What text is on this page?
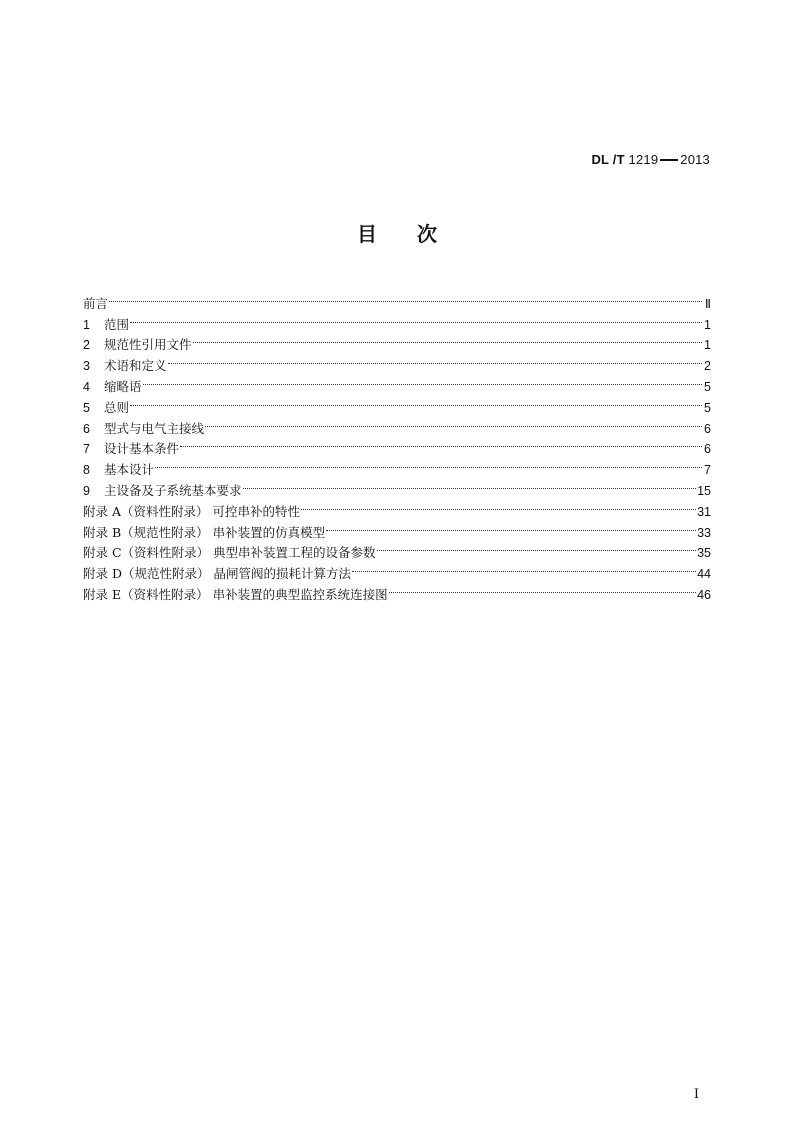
DL /T 1219 2013
目次
前言	Ⅱ
1	范围	1
2	规范性引用文件	1
3	术语和定义	2
4	缩略语	5
5	总则	5
6	型式与电气主接线	6
7	设计基本条件	6
8	基本设计	7
9	主设备及子系统基本要求	15
附录 A（资料性附录） 可控串补的特性	31
附录 B（规范性附录） 串补装置的仿真模型	33
附录 C（资料性附录） 典型串补装置工程的设备参数	35
附录 D（规范性附录） 晶闸管阀的损耗计算方法	44
附录 E（资料性附录） 串补装置的典型监控系统连接图	46
I
